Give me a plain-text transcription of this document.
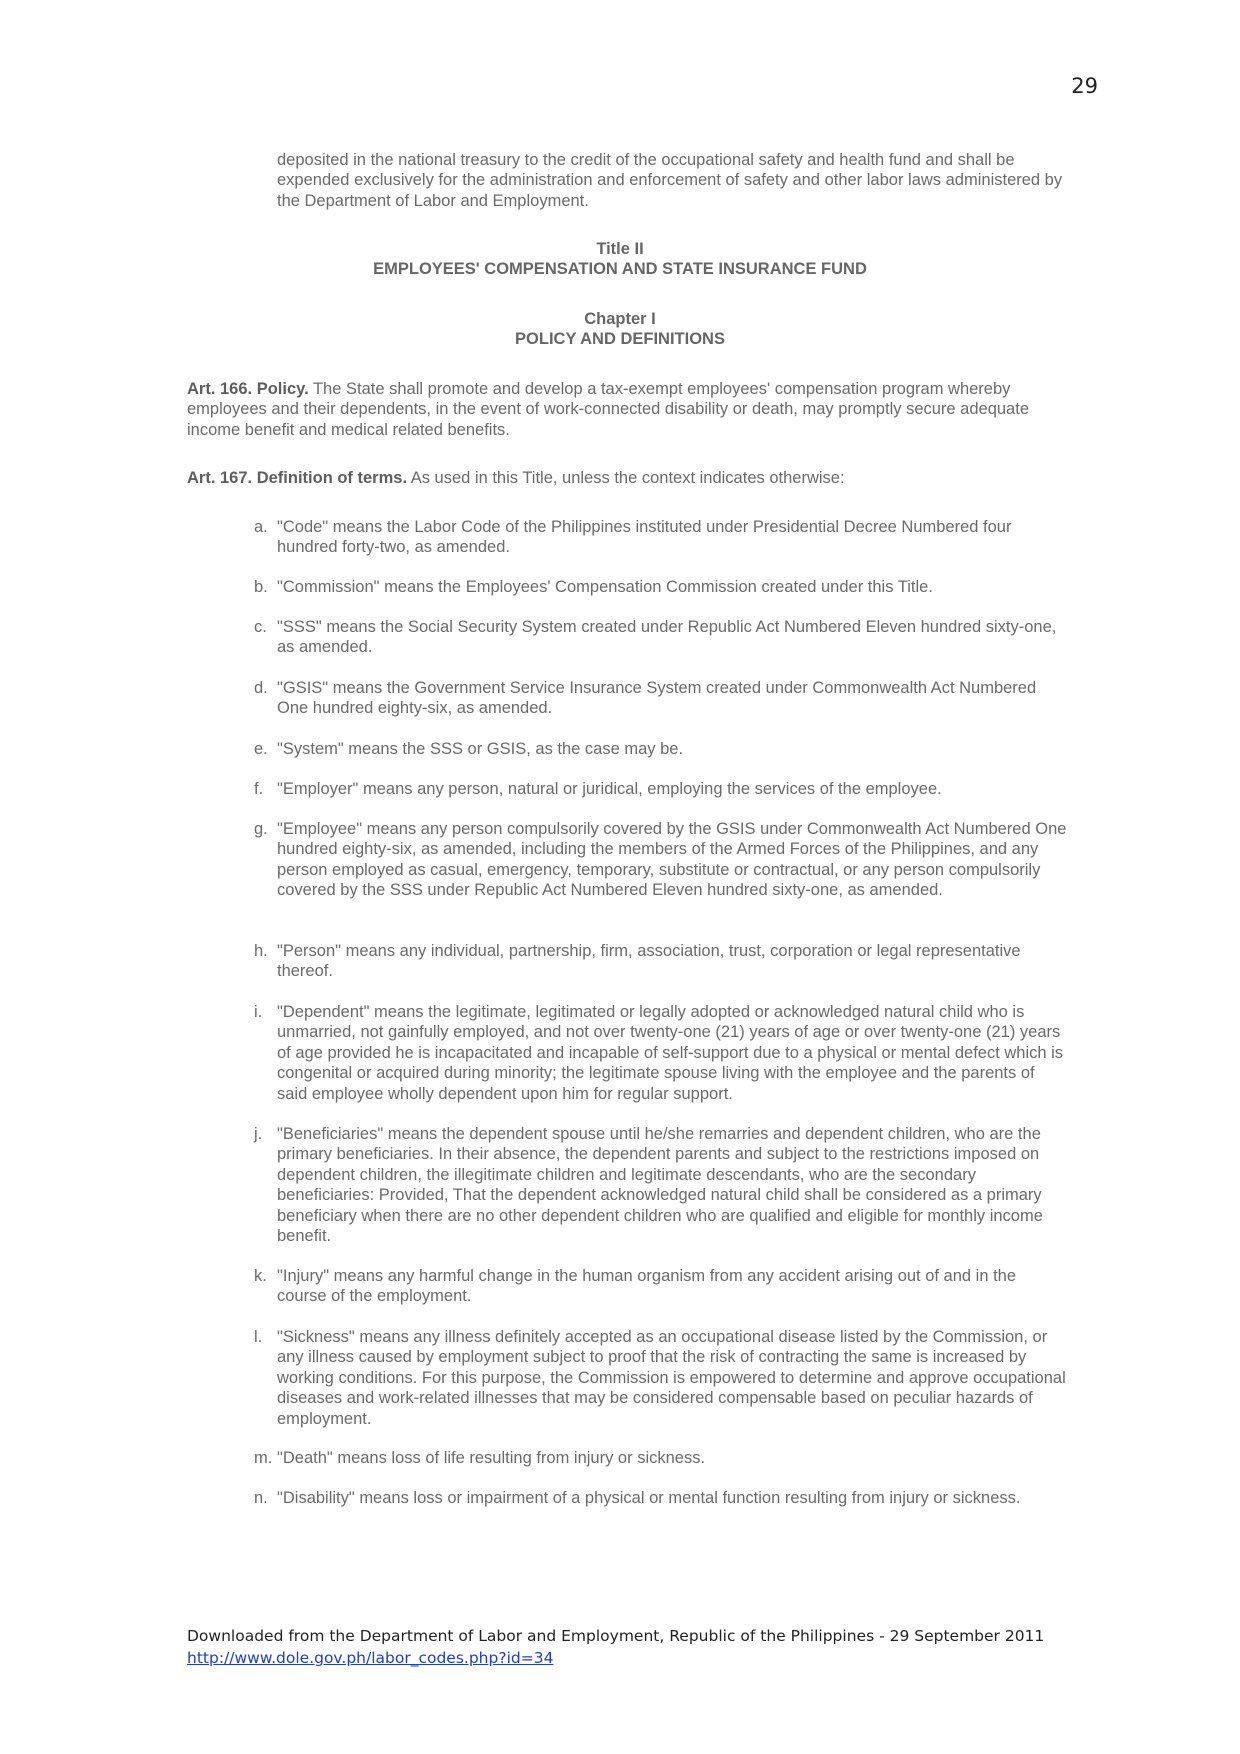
29

deposited in the national treasury to the credit of the occupational safety and health fund and shall be expended exclusively for the administration and enforcement of safety and other labor laws administered by the Department of Labor and Employment.

Title II
EMPLOYEES' COMPENSATION AND STATE INSURANCE FUND
Chapter I
POLICY AND DEFINITIONS

Art. 166. Policy. The State shall promote and develop a tax-exempt employees' compensation program whereby employees and their dependents, in the event of work-connected disability or death, may promptly secure adequate income benefit and medical related benefits.

Art. 167. Definition of terms. As used in this Title, unless the context indicates otherwise:

a. "Code" means the Labor Code of the Philippines instituted under Presidential Decree Numbered four hundred forty-two, as amended.
b. "Commission" means the Employees' Compensation Commission created under this Title.
c. "SSS" means the Social Security System created under Republic Act Numbered Eleven hundred sixty-one, as amended.
d. "GSIS" means the Government Service Insurance System created under Commonwealth Act Numbered One hundred eighty-six, as amended.
e. "System" means the SSS or GSIS, as the case may be.
f. "Employer" means any person, natural or juridical, employing the services of the employee.
g. "Employee" means any person compulsorily covered by the GSIS under Commonwealth Act Numbered One hundred eighty-six, as amended, including the members of the Armed Forces of the Philippines, and any person employed as casual, emergency, temporary, substitute or contractual, or any person compulsorily covered by the SSS under Republic Act Numbered Eleven hundred sixty-one, as amended.
h. "Person" means any individual, partnership, firm, association, trust, corporation or legal representative thereof.
i. "Dependent" means the legitimate, legitimated or legally adopted or acknowledged natural child who is unmarried, not gainfully employed, and not over twenty-one (21) years of age or over twenty-one (21) years of age provided he is incapacitated and incapable of self-support due to a physical or mental defect which is congenital or acquired during minority; the legitimate spouse living with the employee and the parents of said employee wholly dependent upon him for regular support.
j. "Beneficiaries" means the dependent spouse until he/she remarries and dependent children, who are the primary beneficiaries. In their absence, the dependent parents and subject to the restrictions imposed on dependent children, the illegitimate children and legitimate descendants, who are the secondary beneficiaries: Provided, That the dependent acknowledged natural child shall be considered as a primary beneficiary when there are no other dependent children who are qualified and eligible for monthly income benefit.
k. "Injury" means any harmful change in the human organism from any accident arising out of and in the course of the employment.
l. "Sickness" means any illness definitely accepted as an occupational disease listed by the Commission, or any illness caused by employment subject to proof that the risk of contracting the same is increased by working conditions. For this purpose, the Commission is empowered to determine and approve occupational diseases and work-related illnesses that may be considered compensable based on peculiar hazards of employment.
m. "Death" means loss of life resulting from injury or sickness.
n. "Disability" means loss or impairment of a physical or mental function resulting from injury or sickness.
Downloaded from the Department of Labor and Employment, Republic of the Philippines - 29 September 2011
http://www.dole.gov.ph/labor_codes.php?id=34
